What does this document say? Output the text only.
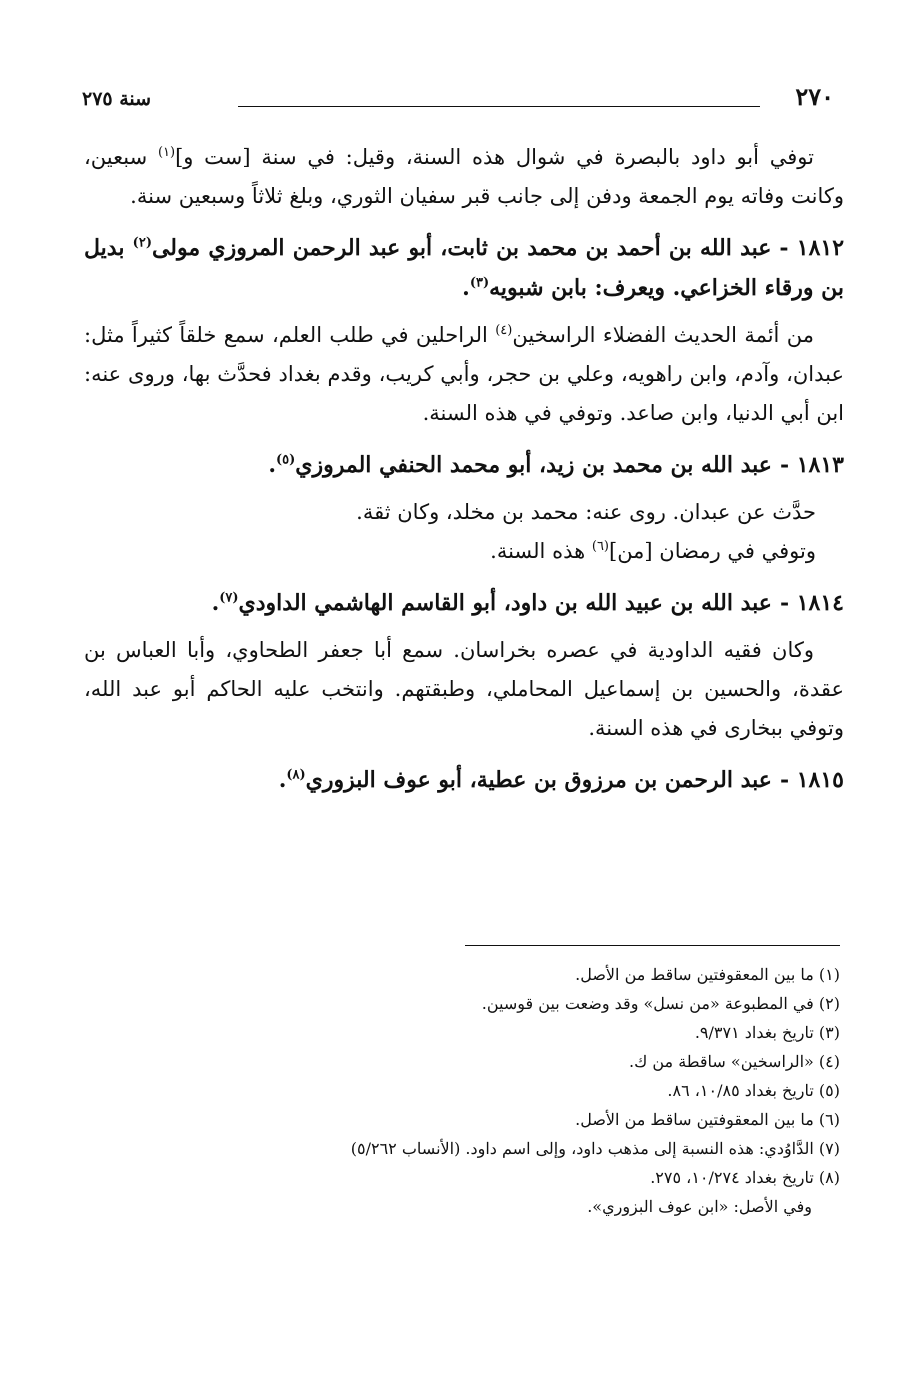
٢٧٠
سنة ٢٧٥

توفي أبو داود بالبصرة في شوال هذه السنة، وقيل: في سنة [ست و]$^{(١)}$ سبعين، وكانت وفاته يوم الجمعة ودفن إلى جانب قبر سفيان الثوري، وبلغ ثلاثاً وسبعين سنة.

١٨١٢ -عبد الله بن أحمد بن محمد بن ثابت، أبو عبد الرحمن المروزي مولى$^{(٢)}$ بديل بن ورقاء الخزاعي. ويعرف: بابن شبويه$^{(٣)}$.

من أئمة الحديث الفضلاء الراسخين$^{(٤)}$ الراحلين في طلب العلم، سمع خلقاً كثيراً مثل: عبدان، وآدم، وابن راهويه، وعلي بن حجر، وأبي كريب، وقدم بغداد فحدَّث بها، وروى عنه: ابن أبي الدنيا، وابن صاعد. وتوفي في هذه السنة.

١٨١٣ -عبد الله بن محمد بن زيد، أبو محمد الحنفي المروزي$^{(٥)}$.

حدَّث عن عبدان. روى عنه: محمد بن مخلد، وكان ثقة.

وتوفي في رمضان [من]$^{(٦)}$ هذه السنة.

١٨١٤ -عبد الله بن عبيد الله بن داود، أبو القاسم الهاشمي الداودي$^{(٧)}$.

وكان فقيه الداودية في عصره بخراسان. سمع أبا جعفر الطحاوي، وأبا العباس بن عقدة، والحسين بن إسماعيل المحاملي، وطبقتهم. وانتخب عليه الحاكم أبو عبد الله، وتوفي ببخارى في هذه السنة.

١٨١٥ -عبد الرحمن بن مرزوق بن عطية، أبو عوف البزوري$^{(٨)}$.

(١) ما بين المعقوفتين ساقط من الأصل.

(٢) في المطبوعة «من نسل» وقد وضعت بين قوسين.

(٣) تاريخ بغداد ٩/٣٧١.

(٤) «الراسخين» ساقطة من ك.

(٥) تاريخ بغداد ١٠/٨٥، ٨٦.

(٦) ما بين المعقوفتين ساقط من الأصل.

(٧) الدَّاوُدي: هذه النسبة إلى مذهب داود، وإلى اسم داود. (الأنساب ٥/٢٦٢)

(٨) تاريخ بغداد ١٠/٢٧٤، ٢٧٥.

وفي الأصل: «ابن عوف البزوري».
